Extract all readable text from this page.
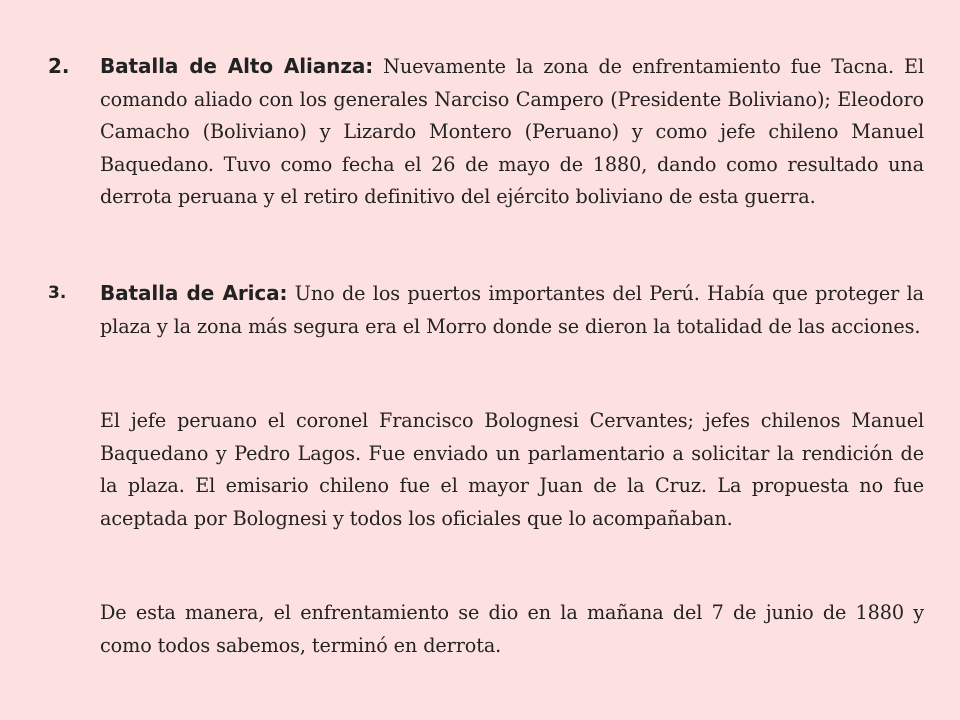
2.	Batalla de Alto Alianza: Nuevamente la zona de enfrentamiento fue Tacna. El comando aliado con los generales Narciso Campero (Presidente Boliviano); Eleodoro Camacho (Boliviano) y Lizardo Montero (Peruano) y como jefe chileno Manuel Baquedano. Tuvo como fecha el 26 de mayo de 1880, dando como resultado una derrota peruana y el retiro definitivo del ejército boliviano de esta guerra.
3.	Batalla de Arica: Uno de los puertos importantes del Perú. Había que proteger la plaza y la zona más segura era el Morro donde se dieron la totalidad de las acciones.
El jefe peruano el coronel Francisco Bolognesi Cervantes; jefes chilenos Manuel Baquedano y Pedro Lagos. Fue enviado un parlamentario a solicitar la rendición de la plaza. El emisario chileno fue el mayor Juan de la Cruz. La propuesta no fue aceptada por Bolognesi y todos los oficiales que lo acompañaban.
De esta manera, el enfrentamiento se dio en la mañana del 7 de junio de 1880 y como todos sabemos, terminó en derrota.
